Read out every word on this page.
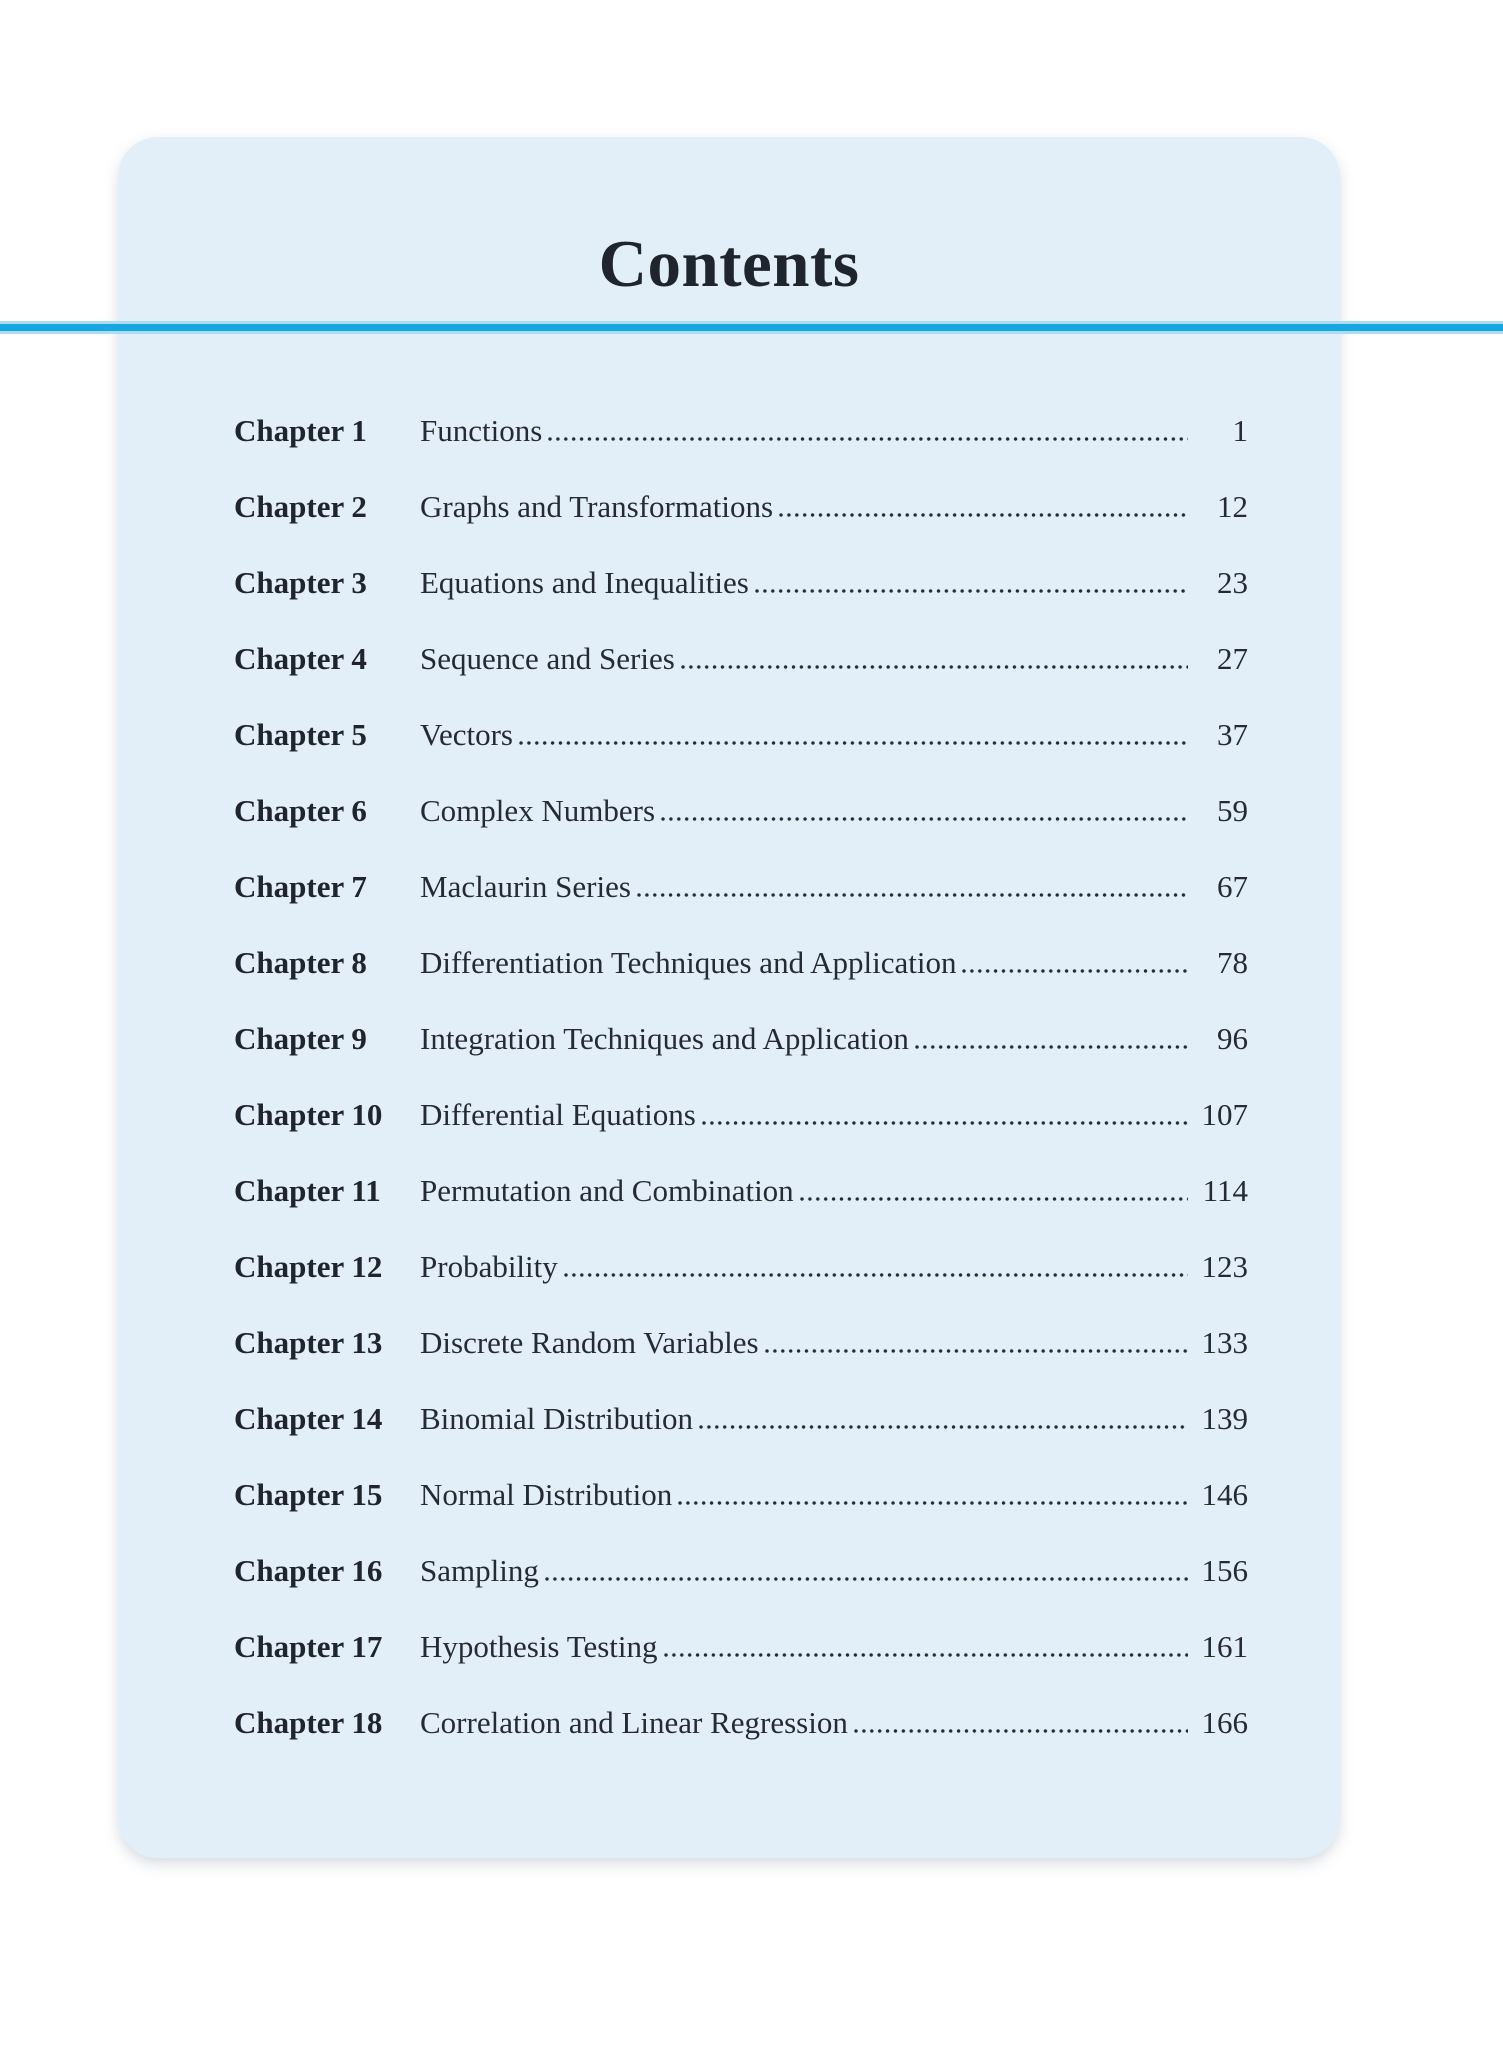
Contents
Chapter 1	Functions	1
Chapter 2	Graphs and Transformations	12
Chapter 3	Equations and Inequalities	23
Chapter 4	Sequence and Series	27
Chapter 5	Vectors	37
Chapter 6	Complex Numbers	59
Chapter 7	Maclaurin Series	67
Chapter 8	Differentiation Techniques and Application	78
Chapter 9	Integration Techniques and Application	96
Chapter 10	Differential Equations	107
Chapter 11	Permutation and Combination	114
Chapter 12	Probability	123
Chapter 13	Discrete Random Variables	133
Chapter 14	Binomial Distribution	139
Chapter 15	Normal Distribution	146
Chapter 16	Sampling	156
Chapter 17	Hypothesis Testing	161
Chapter 18	Correlation and Linear Regression	166
